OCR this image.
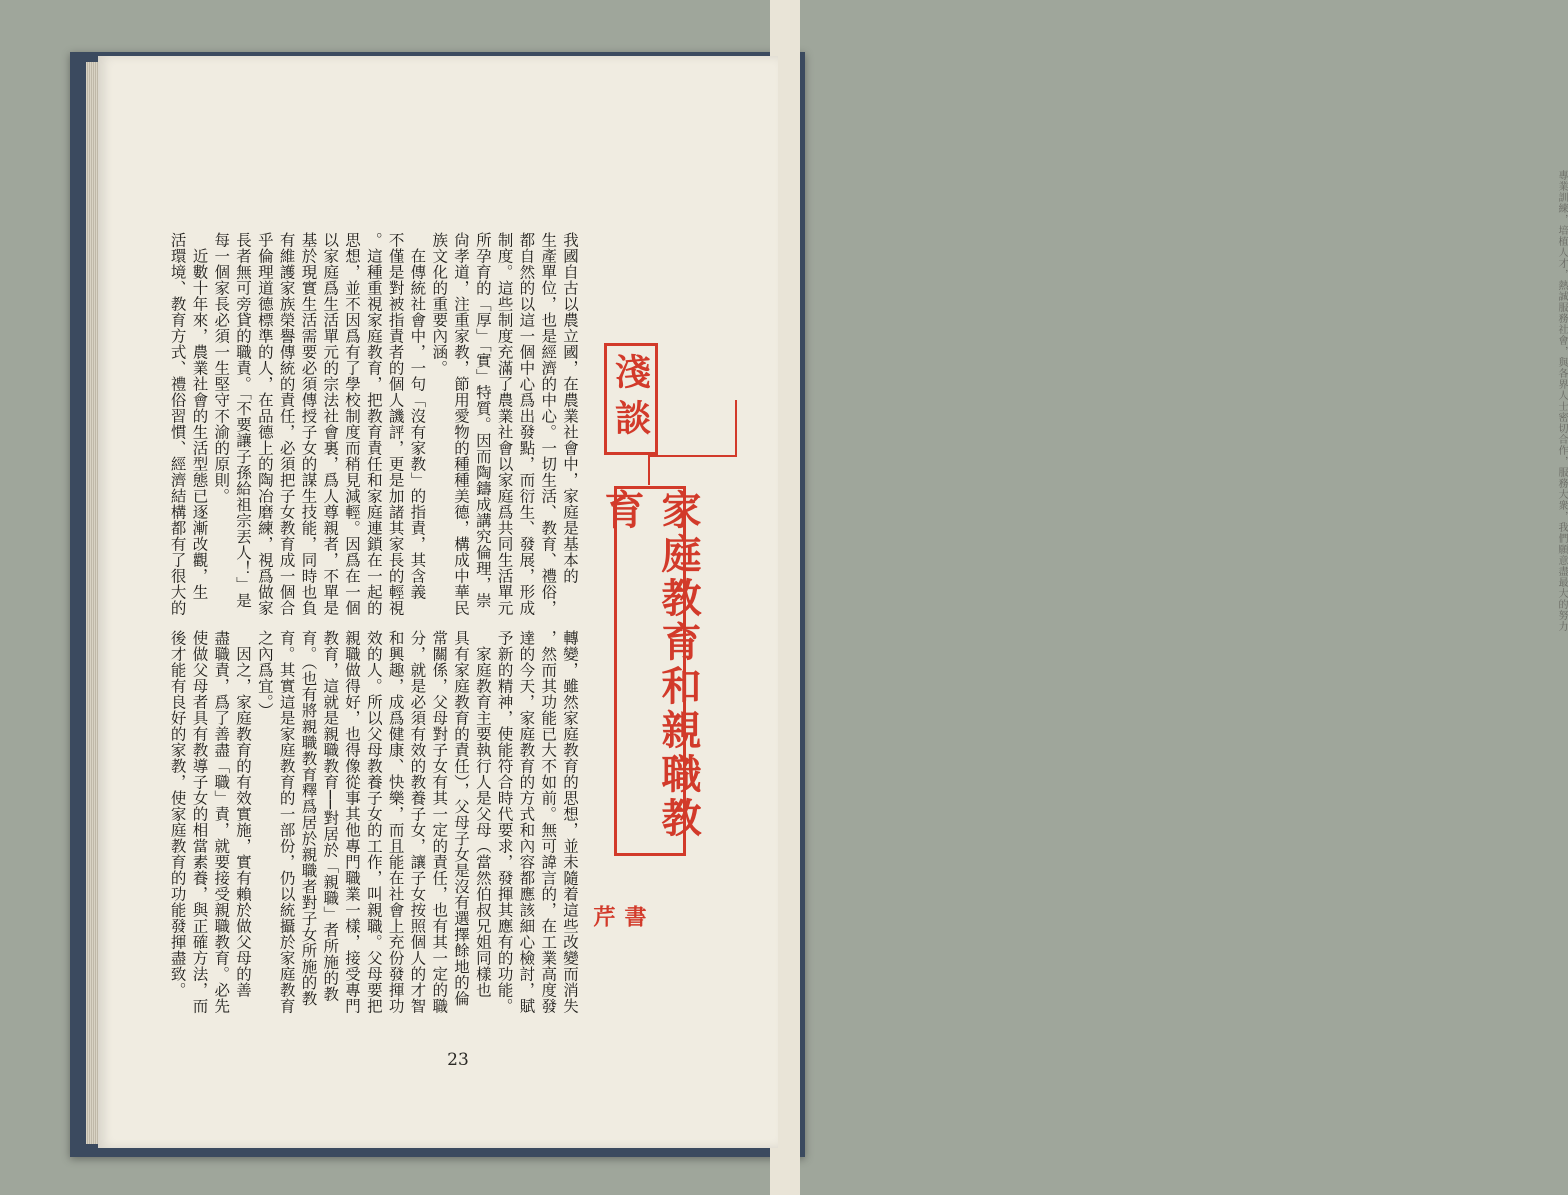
專業訓練，培植人才，熱誠服務社會，與各界人士密切合作，服務大衆，我們願意盡最大的努力

我國自古以農立國，在農業社會中，家庭是基本的

生產單位，也是經濟的中心。一切生活、教育、禮俗，

都自然的以這一個中心爲出發點，而衍生、發展，形成

制度。這些制度充滿了農業社會以家庭爲共同生活單元

所孕育的「厚」「實」特質。因而陶鑄成講究倫理，崇

尙孝道，注重家教，節用愛物的種種美德，構成中華民

族文化的重要內涵。

　在傳統社會中，一句「沒有家教」的指責，其含義

不僅是對被指責者的個人譏評，更是加諸其家長的輕視

。這種重視家庭教育，把教育責任和家庭連鎖在一起的

思想，並不因爲有了學校制度而稍見減輕。因爲在一個

以家庭爲生活單元的宗法社會裏，爲人尊親者，不單是

基於現實生活需要必須傳授子女的謀生技能，同時也負

有維護家族榮譽傳統的責任，必須把子女教育成一個合

乎倫理道德標準的人，在品德上的陶冶磨練，視爲做家

長者無可旁貸的職責。「不要讓子孫給祖宗丟人！」是

每一個家長必須一生堅守不渝的原則。

　近數十年來，農業社會的生活型態已逐漸改觀，生

活環境、教育方式、禮俗習慣、經濟結構都有了很大的

轉變，雖然家庭教育的思想，並未隨着這些改變而消失

，然而其功能已大不如前。無可諱言的，在工業高度發

達的今天，家庭教育的方式和內容都應該細心檢討，賦

予新的精神，使能符合時代要求，發揮其應有的功能。

　家庭教育主要執行人是父母（當然伯叔兄姐同樣也

具有家庭教育的責任），父母子女是沒有選擇餘地的倫

常關係，父母對子女有其一定的責任，也有其一定的職

分，就是必須有效的教養子女，讓子女按照個人的才智

和興趣，成爲健康、快樂，而且能在社會上充份發揮功

效的人。所以父母教養子女的工作，叫親職。父母要把

親職做得好，也得像從事其他專門職業一樣，接受專門

教育，這就是親職教育──對居於「親職」者所施的教

育。（也有將親職教育釋爲居於親職者對子女所施的教

育。其實這是家庭教育的一部份，仍以統攝於家庭教育

之內爲宜。）

　因之，家庭教育的有效實施，實有賴於做父母的善

盡職責，爲了善盡「職」責，就要接受親職教育。必先

使做父母者具有教導子女的相當素養，與正確方法，而

後才能有良好的家教，使家庭教育的功能發揮盡致。

淺談
家庭教育和親職教育
書 芹
23
